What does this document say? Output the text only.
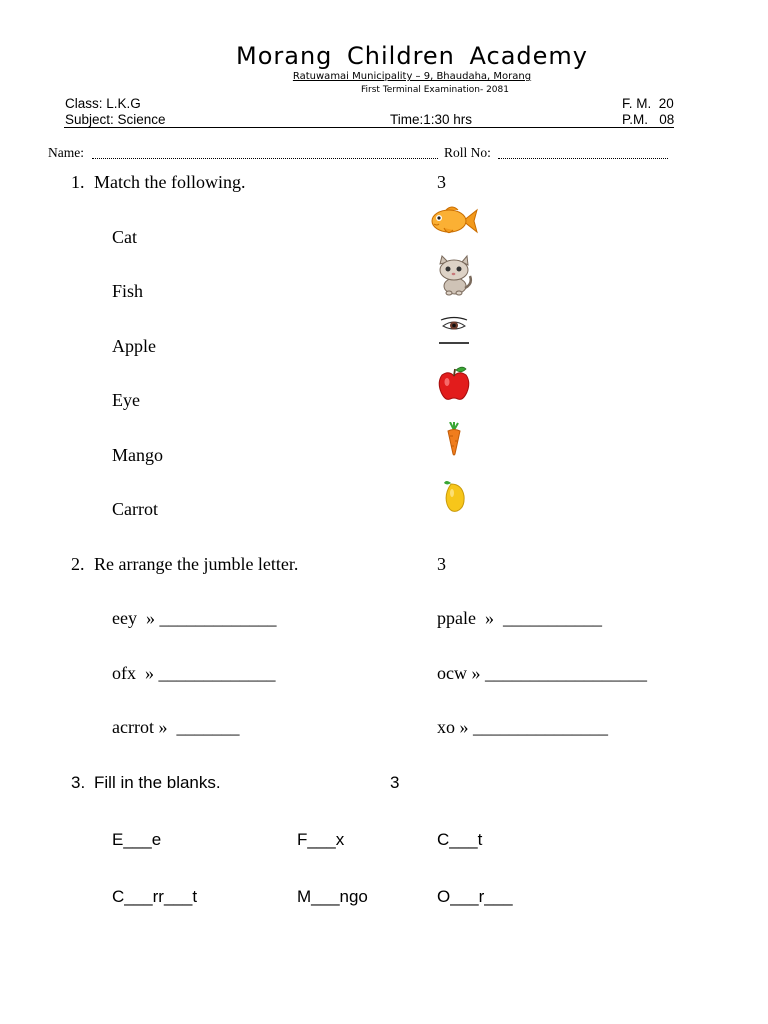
Morang Children Academy
Ratuwamai Municipality – 9, Bhaudaha, Morang
First Terminal Examination- 2081
Class: L.K.G
Subject: Science	Time:1:30 hrs
F. M.  20
P.M.   08
Name:	Roll No:
1. Match the following.	3
Cat
Fish
Apple
Eye
Mango
Carrot
2. Re arrange the jumble letter.	3
eey  » _____________	ppale  »  ___________
ofx  » _____________	ocw » __________________
acrrot »  _______	xo » _______________
3. Fill in the blanks.	3
E___e	F___x	C___t
C___rr___t	M___ngo	O___r___
